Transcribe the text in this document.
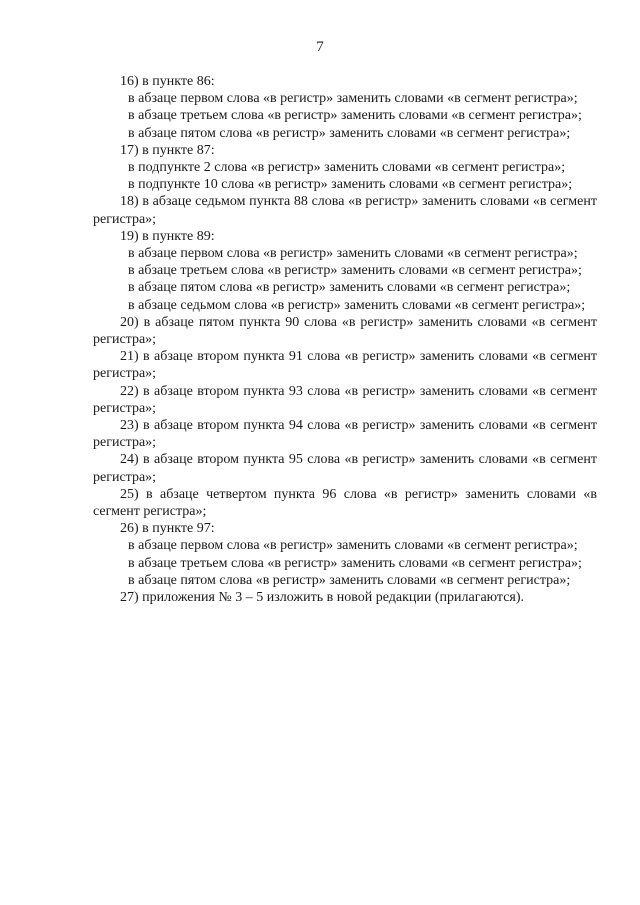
7

16) в пункте 86:

в абзаце первом слова «в регистр» заменить словами «в сегмент регистра»;

в абзаце третьем слова «в регистр» заменить словами «в сегмент регистра»;

в абзаце пятом слова «в регистр» заменить словами «в сегмент регистра»;

17) в пункте 87:

в подпункте 2 слова «в регистр» заменить словами «в сегмент регистра»;

в подпункте 10 слова «в регистр» заменить словами «в сегмент регистра»;

18) в абзаце седьмом пункта 88 слова «в регистр» заменить словами «в сегмент регистра»;

19) в пункте 89:

в абзаце первом слова «в регистр» заменить словами «в сегмент регистра»;

в абзаце третьем слова «в регистр» заменить словами «в сегмент регистра»;

в абзаце пятом слова «в регистр» заменить словами «в сегмент регистра»;

в абзаце седьмом слова «в регистр» заменить словами «в сегмент регистра»;

20) в абзаце пятом пункта 90 слова «в регистр» заменить словами «в сегмент регистра»;

21) в абзаце втором пункта 91 слова «в регистр» заменить словами «в сегмент регистра»;

22) в абзаце втором пункта 93 слова «в регистр» заменить словами «в сегмент регистра»;

23) в абзаце втором пункта 94 слова «в регистр» заменить словами «в сегмент регистра»;

24) в абзаце втором пункта 95 слова «в регистр» заменить словами «в сегмент регистра»;

25) в абзаце четвертом пункта 96 слова «в регистр» заменить словами «в сегмент регистра»;

26) в пункте 97:

в абзаце первом слова «в регистр» заменить словами «в сегмент регистра»;

в абзаце третьем слова «в регистр» заменить словами «в сегмент регистра»;

в абзаце пятом слова «в регистр» заменить словами «в сегмент регистра»;

27) приложения № 3 – 5 изложить в новой редакции (прилагаются).
